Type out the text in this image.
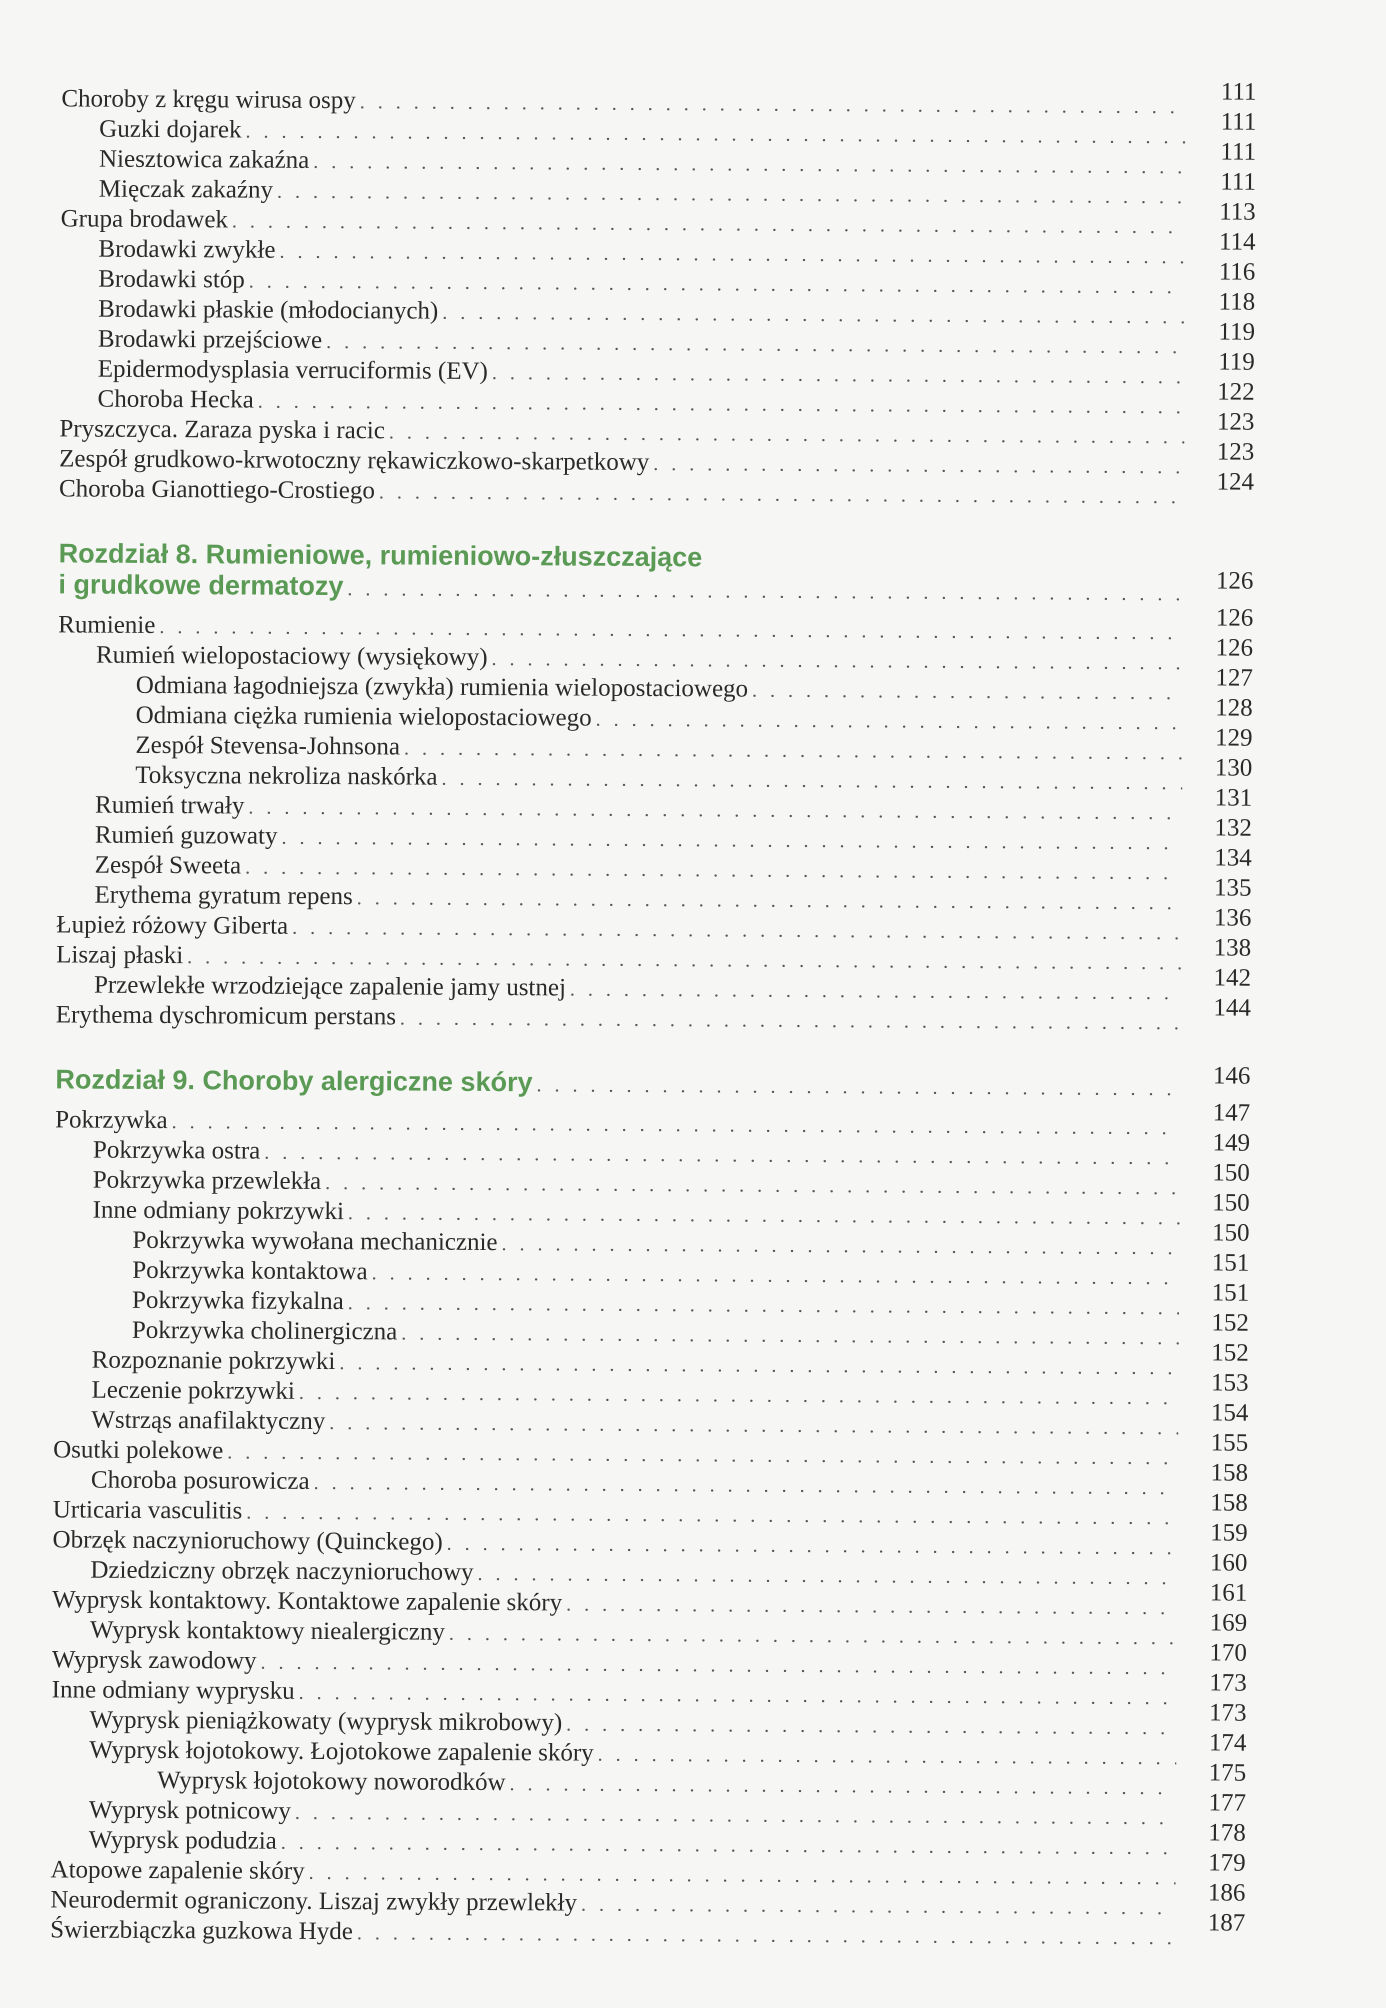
Choroby z kręgu wirusa ospy . . .	111
Guzki dojarek . . .	111
Niesztowica zakaźna . . .	111
Mięczak zakaźny . . .	111
Grupa brodawek . . .	113
Brodawki zwykłe . . .	114
Brodawki stóp . . .	116
Brodawki płaskie (młodocianych) . . .	118
Brodawki przejściowe . . .	119
Epidermodysplasia verruciformis (EV) . . .	119
Choroba Hecka . . .	122
Pryszczyca. Zaraza pyska i racic . . .	123
Zespół grudkowo-krwotoczny rękawiczkowo-skarpetkowy . . .	123
Choroba Gianottiego-Crostiego . . .	124
Rozdział 8. Rumieniowe, rumieniowo-złuszczające
i grudkowe dermatozy . . .	126
Rumienie . . .	126
Rumień wielopostaciowy (wysiękowy) . . .	126
Odmiana łagodniejsza (zwykła) rumienia wielopostaciowego . . .	127
Odmiana ciężka rumienia wielopostaciowego . . .	128
Zespół Stevensa-Johnsona . . .	129
Toksyczna nekroliza naskórka . . .	130
Rumień trwały . . .	131
Rumień guzowaty . . .	132
Zespół Sweeta . . .	134
Erythema gyratum repens . . .	135
Łupież różowy Giberta . . .	136
Liszaj płaski . . .	138
Przewlekłe wrzodziejące zapalenie jamy ustnej . . .	142
Erythema dyschromicum perstans . . .	144
Rozdział 9. Choroby alergiczne skóry . . .	146
Pokrzywka . . .	147
Pokrzywka ostra . . .	149
Pokrzywka przewlekła . . .	150
Inne odmiany pokrzywki . . .	150
Pokrzywka wywołana mechanicznie . . .	150
Pokrzywka kontaktowa . . .	151
Pokrzywka fizykalna . . .	151
Pokrzywka cholinergiczna . . .	152
Rozpoznanie pokrzywki . . .	152
Leczenie pokrzywki . . .	153
Wstrząs anafilaktyczny . . .	154
Osutki polekowe . . .	155
Choroba posurowicza . . .	158
Urticaria vasculitis . . .	158
Obrzęk naczynioruchowy (Quinckego) . . .	159
Dziedziczny obrzęk naczynioruchowy . . .	160
Wyprysk kontaktowy. Kontaktowe zapalenie skóry . . .	161
Wyprysk kontaktowy niealergiczny . . .	169
Wyprysk zawodowy . . .	170
Inne odmiany wyprysku . . .	173
Wyprysk pieniążkowaty (wyprysk mikrobowy) . . .	173
Wyprysk łojotokowy. Łojotokowe zapalenie skóry . . .	174
Wyprysk łojotokowy noworodków . . .	175
Wyprysk potnicowy . . .	177
Wyprysk podudzia . . .	178
Atopowe zapalenie skóry . . .	179
Neurodermit ograniczony. Liszaj zwykły przewlekły . . .	186
Świerzbiączka guzkowa Hyde . . .	187
